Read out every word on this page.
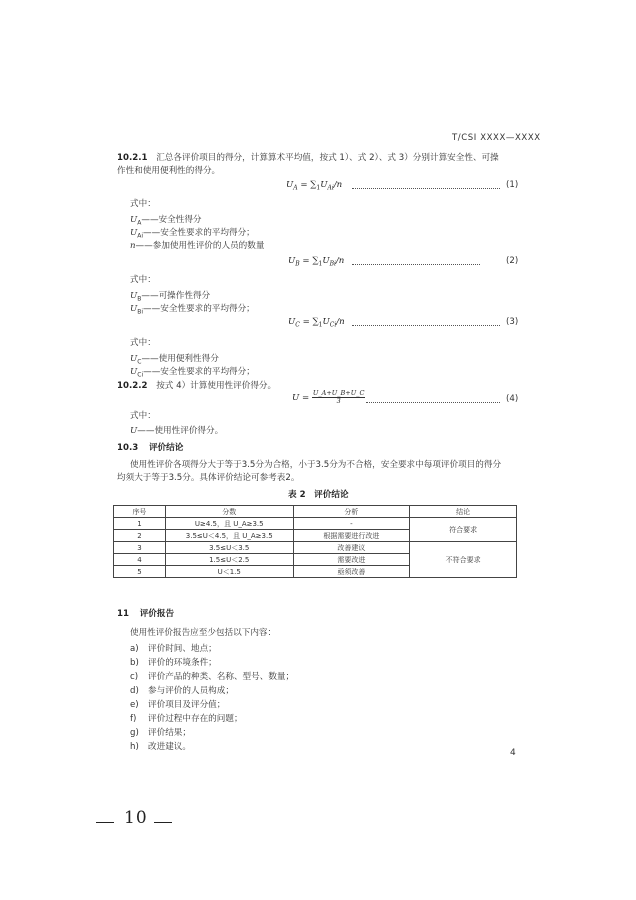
T/CSI XXXX—XXXX
10.2.1 汇总各评价项目的得分，计算算术平均值，按式 1）、式 2）、式 3）分别计算安全性、可操
作性和使用便利性的得分。
$U_A = \sum_1U_{Ai}/n$	(1)
式中：
$U_A——$安全性得分
$U_{Ai}——$安全性要求的平均得分；
n——参加使用性评价的人员的数量
$U_B = \sum_1U_{Bi}/n$	(2)
式中：
$U_B——$可操作性得分
$U_{Bi}——$安全性要求的平均得分；
$U_C = \sum_1U_{Ci}/n$	(3)
式中：
$U_C——$使用便利性得分
$U_{Ci}——$安全性要求的平均得分；
10.2.2 按式 4）计算使用性评价得分。
$U = \frac{U\_A+U\_B+U\_C}{3}$	(4)
式中：
U——使用性评价得分。
10.3 评价结论
使用性评价各项得分大于等于3.5分为合格，小于3.5分为不合格，安全要求中每项评价项目的得分
均须大于等于3.5分。具体评价结论可参考表2。
表 2　评价结论
序号	分数	分析	结论
1	U≥4.5，且 U_A≥3.5	-	符合要求
2	3.5≤U＜4.5，且 U_A≥3.5	根据需要进行改进	
3	3.5≤U＜3.5	改善建议	不符合要求
4	1.5≤U＜2.5	需要改进	
5	U＜1.5	亟须改善	
11 评价报告
使用性评价报告应至少包括以下内容：
a) 评价时间、地点；
b) 评价的环境条件；
c) 评价产品的种类、名称、型号、数量；
d) 参与评价的人员构成；
e) 评价项目及评分值；
f) 评价过程中存在的问题；
g) 评价结果；
h) 改进建议。
4
10
